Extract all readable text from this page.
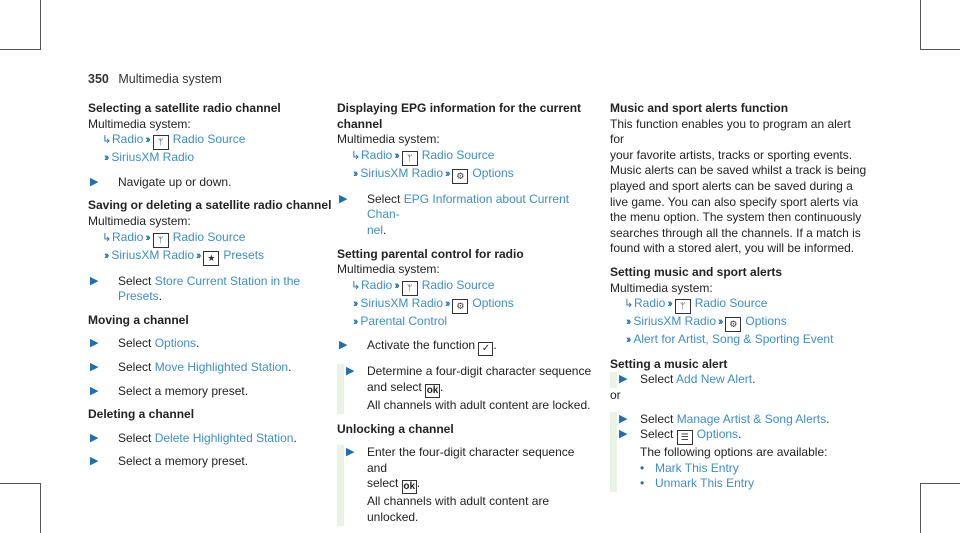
350 Multimedia system

Selecting a satellite radio channel

Multimedia system:

↳Radio ›› ᛘ Radio Source

›› SiriusXM Radio

▶ Navigate up or down.

Saving or deleting a satellite radio channel

Multimedia system:

↳Radio ›› ᛘ Radio Source

›› SiriusXM Radio ›› ★ Presets

▶ Select Store Current Station in the Presets.

Moving a channel

▶ Select Options.

▶ Select Move Highlighted Station.

▶ Select a memory preset.

Deleting a channel

▶ Select Delete Highlighted Station.

▶ Select a memory preset.

Displaying EPG information for the current channel

Multimedia system:

↳Radio ›› ᛘ Radio Source

›› SiriusXM Radio ›› ⚙ Options

▶ Select EPG Information about Current Chan-
nel.

Setting parental control for radio

Multimedia system:

↳Radio ›› ᛘ Radio Source

›› SiriusXM Radio ›› ⚙ Options

›› Parental Control

▶ Activate the function ✓ .

▶ Determine a four-digit character sequence
and select ok .
All channels with adult content are locked.

Unlocking a channel

▶ Enter the four-digit character sequence and
select ok .
All channels with adult content are unlocked.

Music and sport alerts function

This function enables you to program an alert for

your favorite artists, tracks or sporting events.

Music alerts can be saved whilst a track is being

played and sport alerts can be saved during a

live game. You can also specify sport alerts via

the menu option. The system then continuously

searches through all the channels. If a match is

found with a stored alert, you will be informed.

Setting music and sport alerts

Multimedia system:

↳Radio ›› ᛘ Radio Source

›› SiriusXM Radio ›› ⚙ Options

›› Alert for Artist, Song & Sporting Event

Setting a music alert

▶ Select Add New Alert.

or

▶ Select Manage Artist & Song Alerts.

▶ Select ☰ Options.

The following options are available:

• Mark This Entry

• Unmark This Entry
